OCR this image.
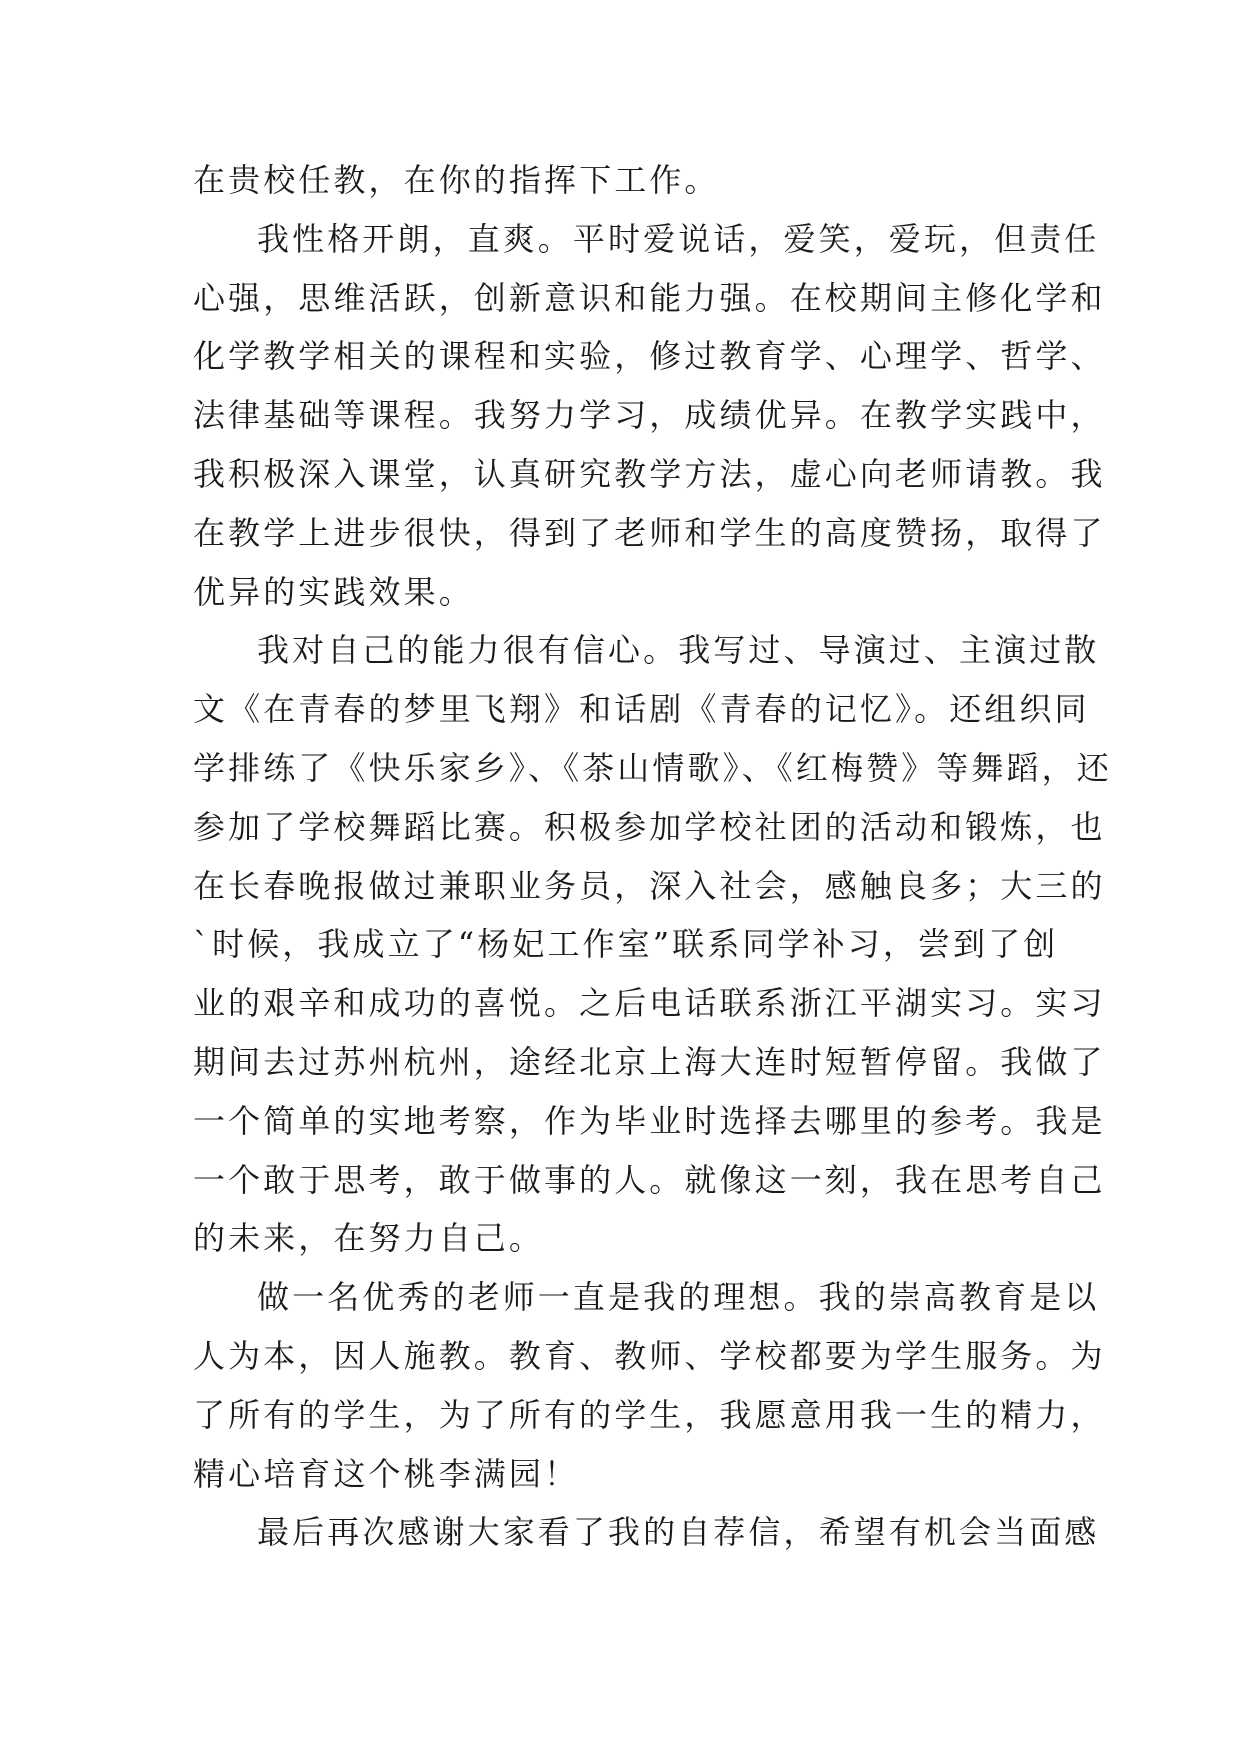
在贵校任教，在你的指挥下工作。
我性格开朗，直爽。平时爱说话，爱笑，爱玩，但责任
心强，思维活跃，创新意识和能力强。在校期间主修化学和
化学教学相关的课程和实验，修过教育学、心理学、哲学、
法律基础等课程。我努力学习，成绩优异。在教学实践中，
我积极深入课堂，认真研究教学方法，虚心向老师请教。我
在教学上进步很快，得到了老师和学生的高度赞扬，取得了
优异的实践效果。
我对自己的能力很有信心。我写过、导演过、主演过散
文《在青春的梦里飞翔》和话剧《青春的记忆》。还组织同
学排练了《快乐家乡》、《茶山情歌》、《红梅赞》等舞蹈，还
参加了学校舞蹈比赛。积极参加学校社团的活动和锻炼，也
在长春晚报做过兼职业务员，深入社会，感触良多；大三的
`时候，我成立了“杨妃工作室”联系同学补习，尝到了创
业的艰辛和成功的喜悦。之后电话联系浙江平湖实习。实习
期间去过苏州杭州，途经北京上海大连时短暂停留。我做了
一个简单的实地考察，作为毕业时选择去哪里的参考。我是
一个敢于思考，敢于做事的人。就像这一刻，我在思考自己
的未来，在努力自己。
做一名优秀的老师一直是我的理想。我的崇高教育是以
人为本，因人施教。教育、教师、学校都要为学生服务。为
了所有的学生，为了所有的学生，我愿意用我一生的精力，
精心培育这个桃李满园！
最后再次感谢大家看了我的自荐信，希望有机会当面感
